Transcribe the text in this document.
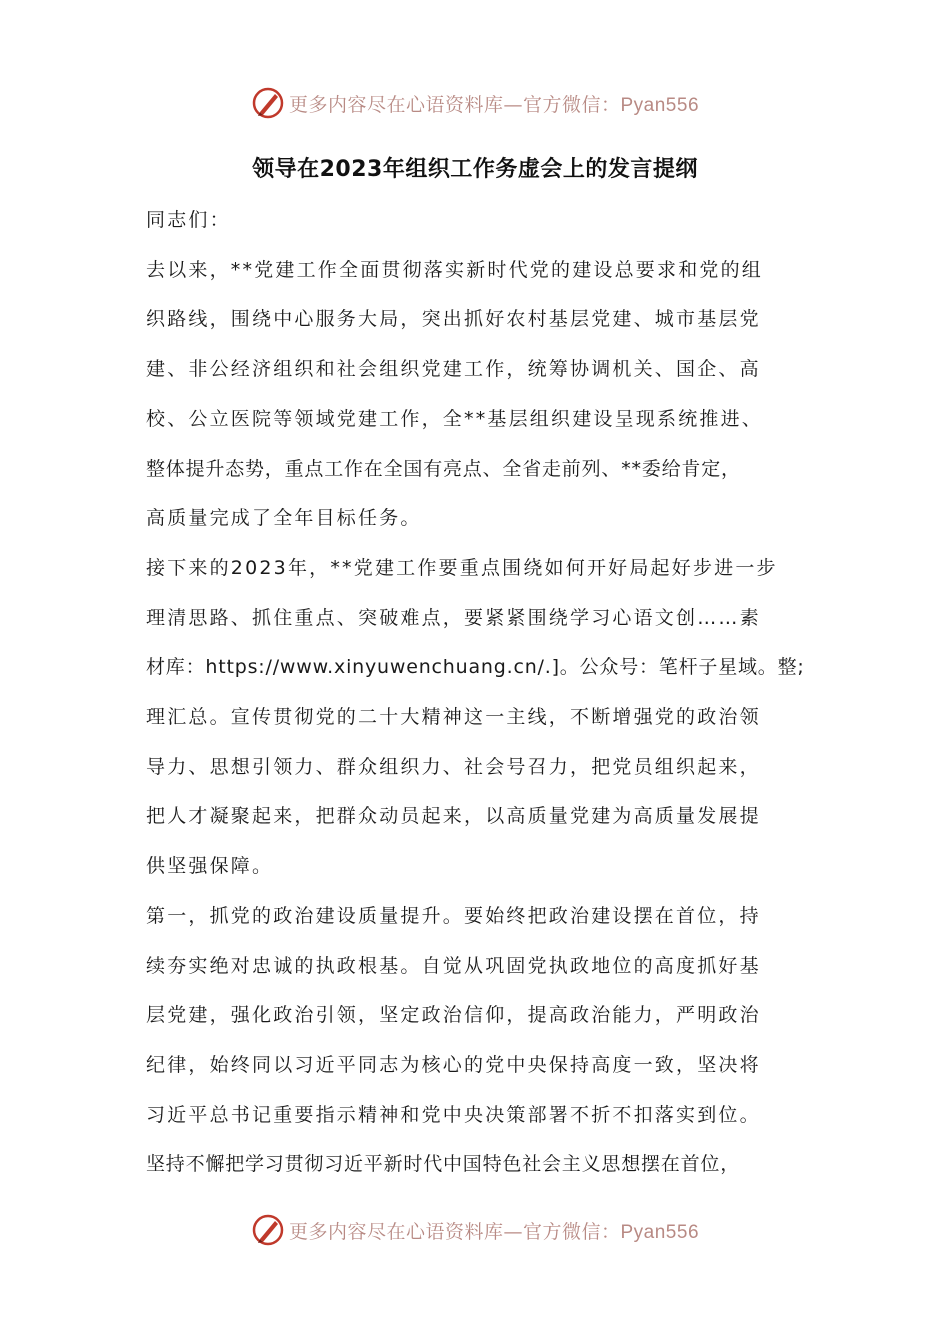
更多内容尽在心语资料库—官方微信：Pyan556
领导在2023年组织工作务虚会上的发言提纲

同志们：

去以来，**党建工作全面贯彻落实新时代党的建设总要求和党的组
织路线，围绕中心服务大局，突出抓好农村基层党建、城市基层党
建、非公经济组织和社会组织党建工作，统筹协调机关、国企、高
校、公立医院等领域党建工作，全**基层组织建设呈现系统推进、
整体提升态势，重点工作在全国有亮点、全省走前列、**委给肯定，
高质量完成了全年目标任务。

接下来的2023年，**党建工作要重点围绕如何开好局起好步进一步
理清思路、抓住重点、突破难点，要紧紧围绕学习心语文创……素
材库：https://www.xinyuwenchuang.cn/.]。公众号：笔杆子星域。整;
理汇总。宣传贯彻党的二十大精神这一主线，不断增强党的政治领
导力、思想引领力、群众组织力、社会号召力，把党员组织起来，
把人才凝聚起来，把群众动员起来，以高质量党建为高质量发展提
供坚强保障。

第一，抓党的政治建设质量提升。要始终把政治建设摆在首位，持
续夯实绝对忠诚的执政根基。自觉从巩固党执政地位的高度抓好基
层党建，强化政治引领，坚定政治信仰，提高政治能力，严明政治
纪律，始终同以习近平同志为核心的党中央保持高度一致，坚决将
习近平总书记重要指示精神和党中央决策部署不折不扣落实到位。
坚持不懈把学习贯彻习近平新时代中国特色社会主义思想摆在首位，

更多内容尽在心语资料库—官方微信：Pyan556
